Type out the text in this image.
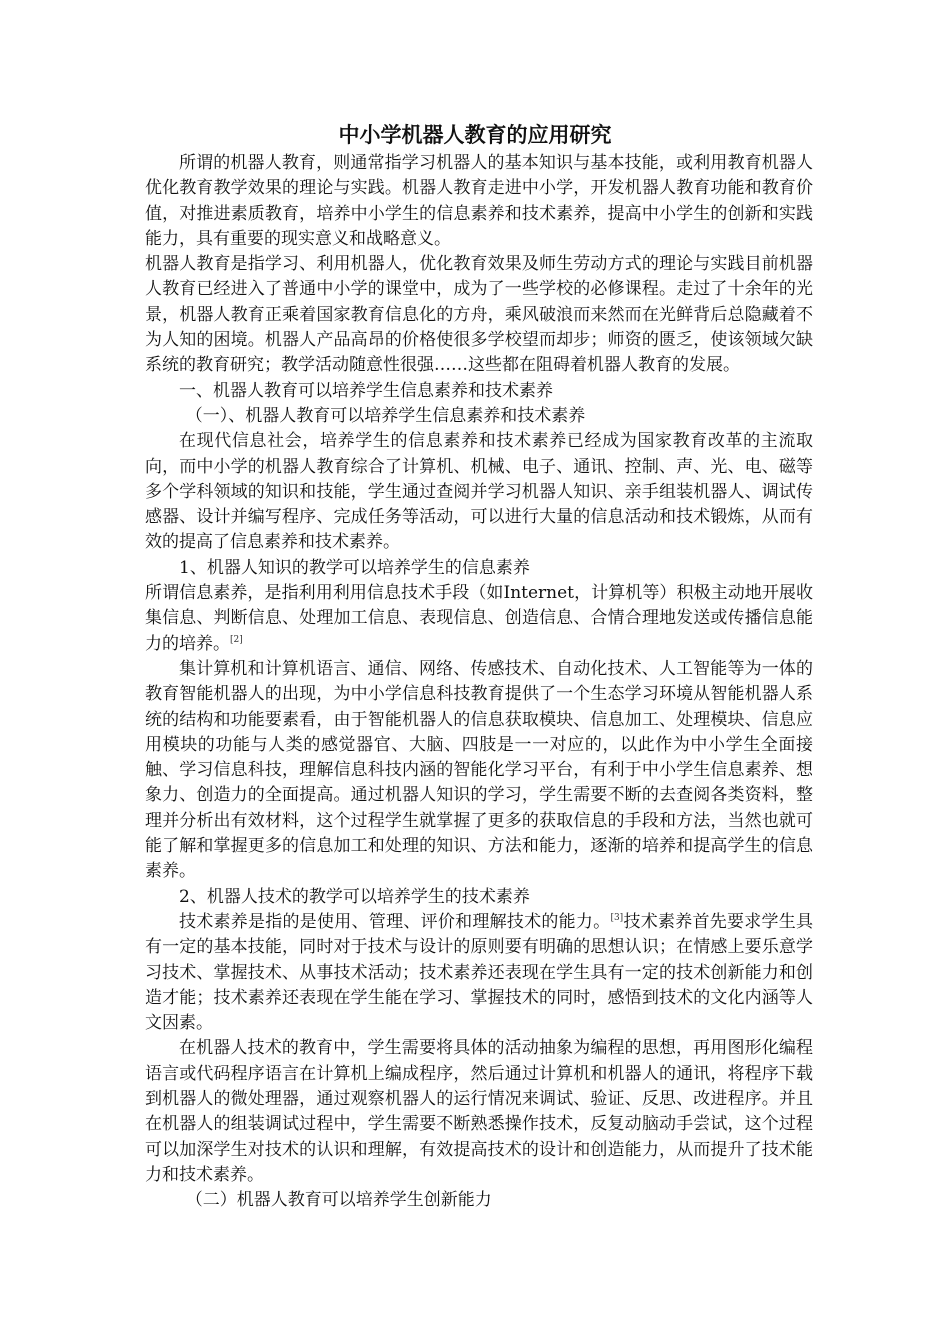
中小学机器人教育的应用研究

所谓的机器人教育，则通常指学习机器人的基本知识与基本技能，或利用教育机器人优化教育教学效果的理论与实践。机器人教育走进中小学，开发机器人教育功能和教育价值，对推进素质教育，培养中小学生的信息素养和技术素养，提高中小学生的创新和实践能力，具有重要的现实意义和战略意义。

机器人教育是指学习、利用机器人，优化教育效果及师生劳动方式的理论与实践目前机器人教育已经进入了普通中小学的课堂中，成为了一些学校的必修课程。走过了十余年的光景，机器人教育正乘着国家教育信息化的方舟，乘风破浪而来然而在光鲜背后总隐藏着不为人知的困境。机器人产品高昂的价格使很多学校望而却步；师资的匮乏，使该领域欠缺系统的教育研究；教学活动随意性很强……这些都在阻碍着机器人教育的发展。

一、机器人教育可以培养学生信息素养和技术素养

（一）、机器人教育可以培养学生信息素养和技术素养

在现代信息社会，培养学生的信息素养和技术素养已经成为国家教育改革的主流取向，而中小学的机器人教育综合了计算机、机械、电子、通讯、控制、声、光、电、磁等多个学科领域的知识和技能，学生通过查阅并学习机器人知识、亲手组装机器人、调试传感器、设计并编写程序、完成任务等活动，可以进行大量的信息活动和技术锻炼，从而有效的提高了信息素养和技术素养。

1、机器人知识的教学可以培养学生的信息素养

所谓信息素养，是指利用利用信息技术手段（如Internet，计算机等）积极主动地开展收集信息、判断信息、处理加工信息、表现信息、创造信息、合情合理地发送或传播信息能力的培养。[2]

集计算机和计算机语言、通信、网络、传感技术、自动化技术、人工智能等为一体的教育智能机器人的出现，为中小学信息科技教育提供了一个生态学习环境从智能机器人系统的结构和功能要素看，由于智能机器人的信息获取模块、信息加工、处理模块、信息应用模块的功能与人类的感觉器官、大脑、四肢是一一对应的，以此作为中小学生全面接触、学习信息科技，理解信息科技内涵的智能化学习平台，有利于中小学生信息素养、想象力、创造力的全面提高。通过机器人知识的学习，学生需要不断的去查阅各类资料，整理并分析出有效材料，这个过程学生就掌握了更多的获取信息的手段和方法，当然也就可能了解和掌握更多的信息加工和处理的知识、方法和能力，逐渐的培养和提高学生的信息素养。

2、机器人技术的教学可以培养学生的技术素养

技术素养是指的是使用、管理、评价和理解技术的能力。[3]技术素养首先要求学生具有一定的基本技能，同时对于技术与设计的原则要有明确的思想认识；在情感上要乐意学习技术、掌握技术、从事技术活动；技术素养还表现在学生具有一定的技术创新能力和创造才能；技术素养还表现在学生能在学习、掌握技术的同时，感悟到技术的文化内涵等人文因素。

在机器人技术的教育中，学生需要将具体的活动抽象为编程的思想，再用图形化编程语言或代码程序语言在计算机上编成程序，然后通过计算机和机器人的通讯，将程序下载到机器人的微处理器，通过观察机器人的运行情况来调试、验证、反思、改进程序。并且在机器人的组装调试过程中，学生需要不断熟悉操作技术，反复动脑动手尝试，这个过程可以加深学生对技术的认识和理解，有效提高技术的设计和创造能力，从而提升了技术能力和技术素养。

（二）机器人教育可以培养学生创新能力
